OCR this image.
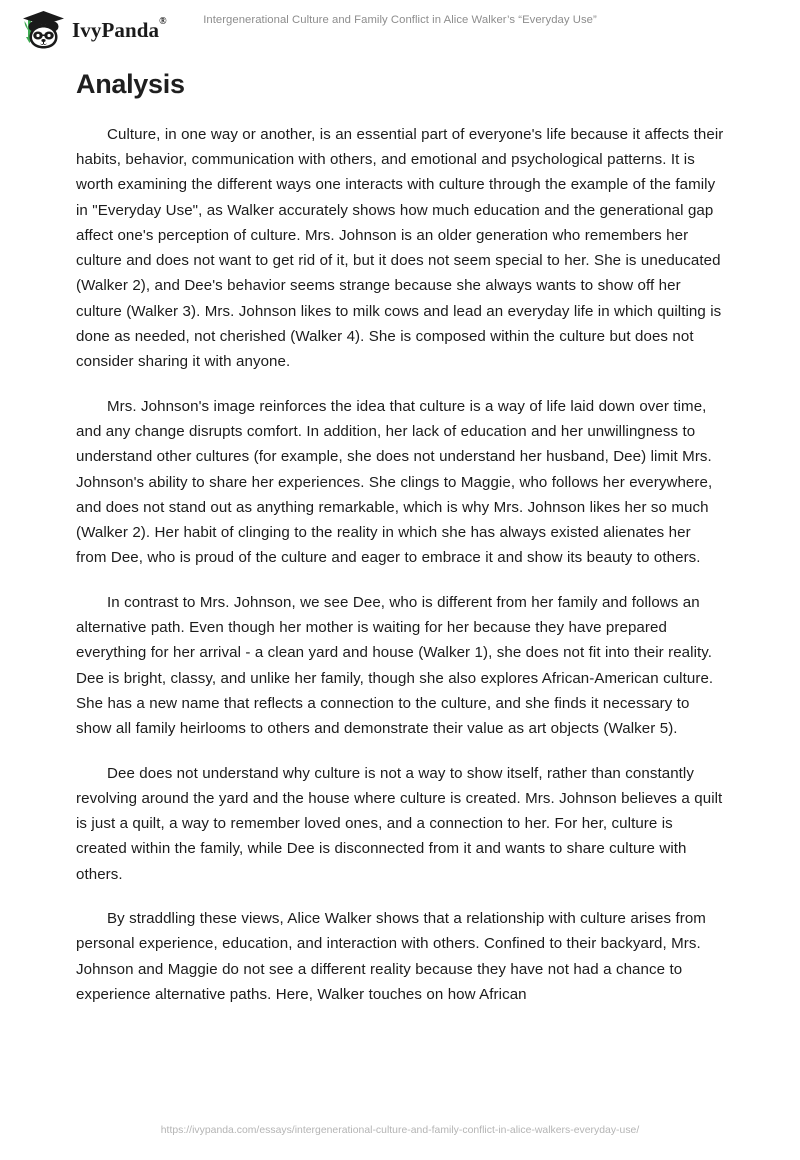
IvyPanda®	Intergenerational Culture and Family Conflict in Alice Walker’s “Everyday Use”
Analysis

Culture, in one way or another, is an essential part of everyone's life because it affects their habits, behavior, communication with others, and emotional and psychological patterns. It is worth examining the different ways one interacts with culture through the example of the family in "Everyday Use", as Walker accurately shows how much education and the generational gap affect one's perception of culture. Mrs. Johnson is an older generation who remembers her culture and does not want to get rid of it, but it does not seem special to her. She is uneducated (Walker 2), and Dee's behavior seems strange because she always wants to show off her culture (Walker 3). Mrs. Johnson likes to milk cows and lead an everyday life in which quilting is done as needed, not cherished (Walker 4). She is composed within the culture but does not consider sharing it with anyone.

Mrs. Johnson's image reinforces the idea that culture is a way of life laid down over time, and any change disrupts comfort. In addition, her lack of education and her unwillingness to understand other cultures (for example, she does not understand her husband, Dee) limit Mrs. Johnson's ability to share her experiences. She clings to Maggie, who follows her everywhere, and does not stand out as anything remarkable, which is why Mrs. Johnson likes her so much (Walker 2). Her habit of clinging to the reality in which she has always existed alienates her from Dee, who is proud of the culture and eager to embrace it and show its beauty to others.

In contrast to Mrs. Johnson, we see Dee, who is different from her family and follows an alternative path. Even though her mother is waiting for her because they have prepared everything for her arrival - a clean yard and house (Walker 1), she does not fit into their reality. Dee is bright, classy, and unlike her family, though she also explores African-American culture. She has a new name that reflects a connection to the culture, and she finds it necessary to show all family heirlooms to others and demonstrate their value as art objects (Walker 5).

Dee does not understand why culture is not a way to show itself, rather than constantly revolving around the yard and the house where culture is created. Mrs. Johnson believes a quilt is just a quilt, a way to remember loved ones, and a connection to her. For her, culture is created within the family, while Dee is disconnected from it and wants to share culture with others.

By straddling these views, Alice Walker shows that a relationship with culture arises from personal experience, education, and interaction with others. Confined to their backyard, Mrs. Johnson and Maggie do not see a different reality because they have not had a chance to experience alternative paths. Here, Walker touches on how African

https://ivypanda.com/essays/intergenerational-culture-and-family-conflict-in-alice-walkers-everyday-use/
